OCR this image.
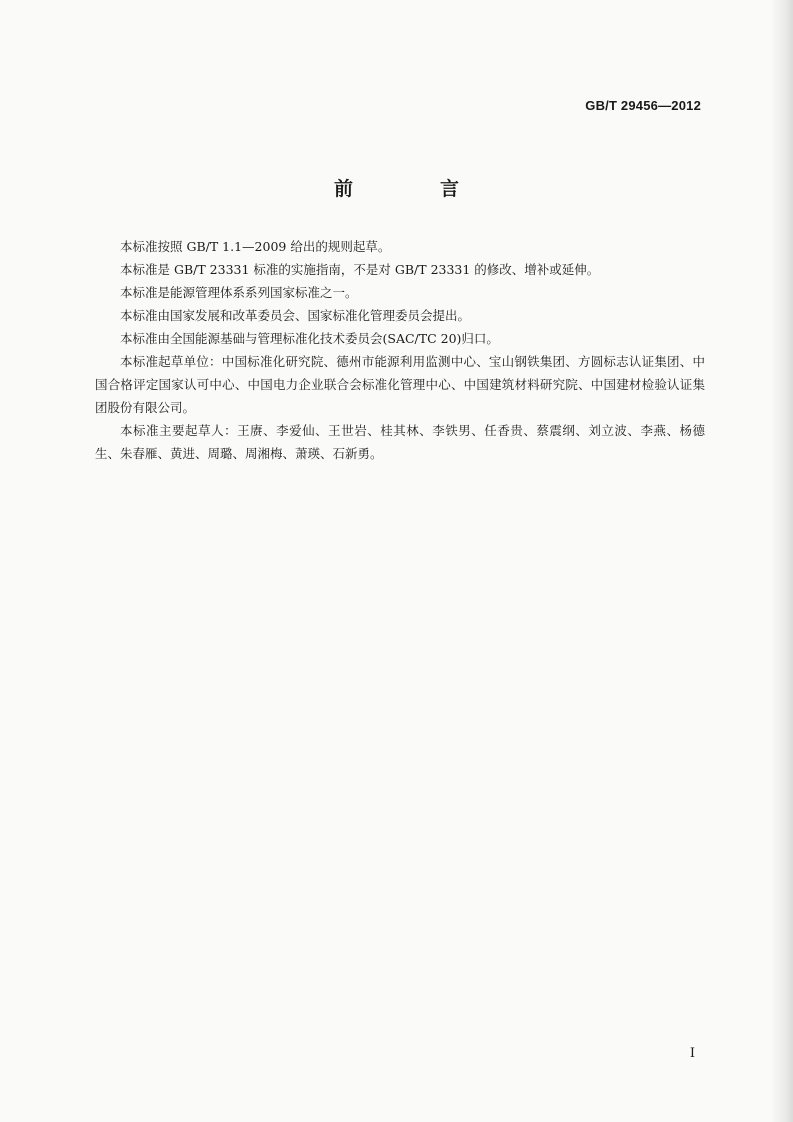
GB/T 29456—2012
前　言

本标准按照 GB/T 1.1—2009 给出的规则起草。

本标准是 GB/T 23331 标准的实施指南，不是对 GB/T 23331 的修改、增补或延伸。

本标准是能源管理体系系列国家标准之一。

本标准由国家发展和改革委员会、国家标准化管理委员会提出。

本标准由全国能源基础与管理标准化技术委员会(SAC/TC 20)归口。

本标准起草单位：中国标准化研究院、德州市能源利用监测中心、宝山钢铁集团、方圆标志认证集团、中国合格评定国家认可中心、中国电力企业联合会标准化管理中心、中国建筑材料研究院、中国建材检验认证集团股份有限公司。

本标准主要起草人：王赓、李爱仙、王世岩、桂其林、李铁男、任香贵、蔡震纲、刘立波、李燕、杨德生、朱春雁、黄进、周璐、周湘梅、萧瑛、石新勇。

I
